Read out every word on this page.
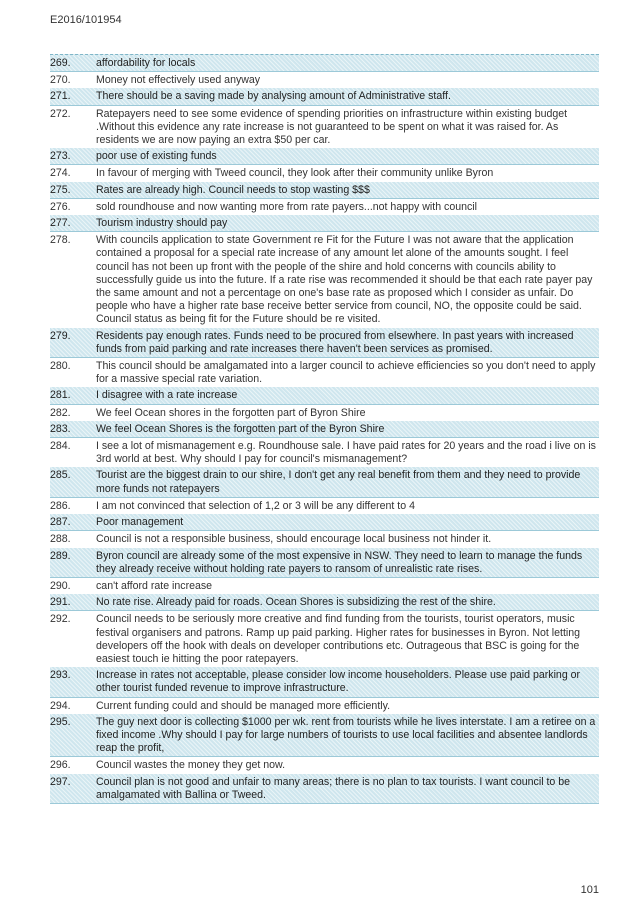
E2016/101954
269.	affordability for locals
270.	Money not effectively used anyway
271.	There should be a saving made by analysing amount of Administrative staff.
272.	Ratepayers need to see some evidence of spending priorities on infrastructure within existing budget .Without this evidence any rate increase is not guaranteed to be spent on what it was raised for. As residents we are now paying an extra $50 per car.
273.	poor use of existing funds
274.	In favour of merging with Tweed council, they look after their community unlike Byron
275.	Rates are already high. Council needs to stop wasting $$$
276.	sold roundhouse and now wanting more from rate payers...not happy with council
277.	Tourism industry should pay
278.	With councils application to state Government re Fit for the Future I was not aware that the application contained a proposal for a special rate increase of any amount let alone of the amounts sought. I feel council has not been up front with the people of the shire and hold concerns with councils ability to successfully guide us into the future. If a rate rise was recommended it should be that each rate payer pay the same amount and not a percentage on one's base rate as proposed which I consider as unfair. Do people who have a higher rate base receive better service from council, NO, the opposite could be said. Council status as being fit for the Future should be re visited.
279.	Residents pay enough rates. Funds need to be procured from elsewhere. In past years with increased funds from paid parking and rate increases there haven't been services as promised.
280.	This council should be amalgamated into a larger council to achieve efficiencies so you don't need to apply for a massive special rate variation.
281.	I disagree with a rate increase
282.	We feel Ocean shores in the forgotten part of Byron Shire
283.	We feel Ocean Shores is the forgotten part of the Byron Shire
284.	I see a lot of mismanagement e.g. Roundhouse sale. I have paid rates for 20 years and the road i live on is 3rd world at best. Why should I pay for council's mismanagement?
285.	Tourist are the biggest drain to our shire, I don't get any real benefit from them and they need to provide more funds not ratepayers
286.	I am not convinced that selection of 1,2 or 3 will be any different to 4
287.	Poor management
288.	Council is not a responsible business, should encourage local business not hinder it.
289.	Byron council are already some of the most expensive in NSW. They need to learn to manage the funds they already receive without holding rate payers to ransom of unrealistic rate rises.
290.	can't afford rate increase
291.	No rate rise. Already paid for roads. Ocean Shores is subsidizing the rest of the shire.
292.	Council needs to be seriously more creative and find funding from the tourists, tourist operators, music festival organisers and patrons. Ramp up paid parking. Higher rates for businesses in Byron. Not letting developers off the hook with deals on developer contributions etc. Outrageous that BSC is going for the easiest touch ie hitting the poor ratepayers.
293.	Increase in rates not acceptable, please consider low income householders. Please use paid parking or other tourist funded revenue to improve infrastructure.
294.	Current funding could and should be managed more efficiently.
295.	The guy next door is collecting $1000 per wk. rent from tourists while he lives interstate. I am a retiree on a fixed income .Why should I pay for large numbers of tourists to use local facilities and absentee landlords reap the profit,
296.	Council wastes the money they get now.
297.	Council plan is not good and unfair to many areas; there is no plan to tax tourists. I want council to be amalgamated with Ballina or Tweed.
101
